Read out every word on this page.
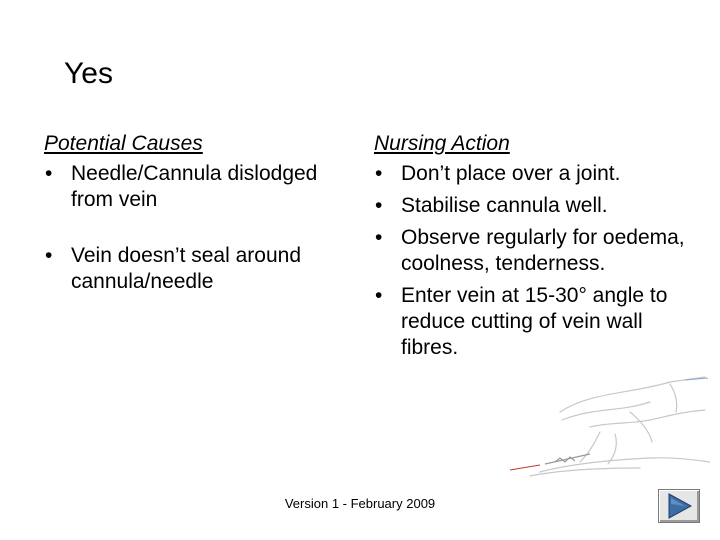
Yes
Potential Causes
• Needle/Cannula dislodged from vein
• Vein doesn’t seal around cannula/needle
Nursing Action
• Don’t place over a joint.
• Stabilise cannula well.
• Observe regularly for oedema, coolness, tenderness.
• Enter vein at 15-30° angle to reduce cutting of vein wall fibres.
Version 1 - February 2009
